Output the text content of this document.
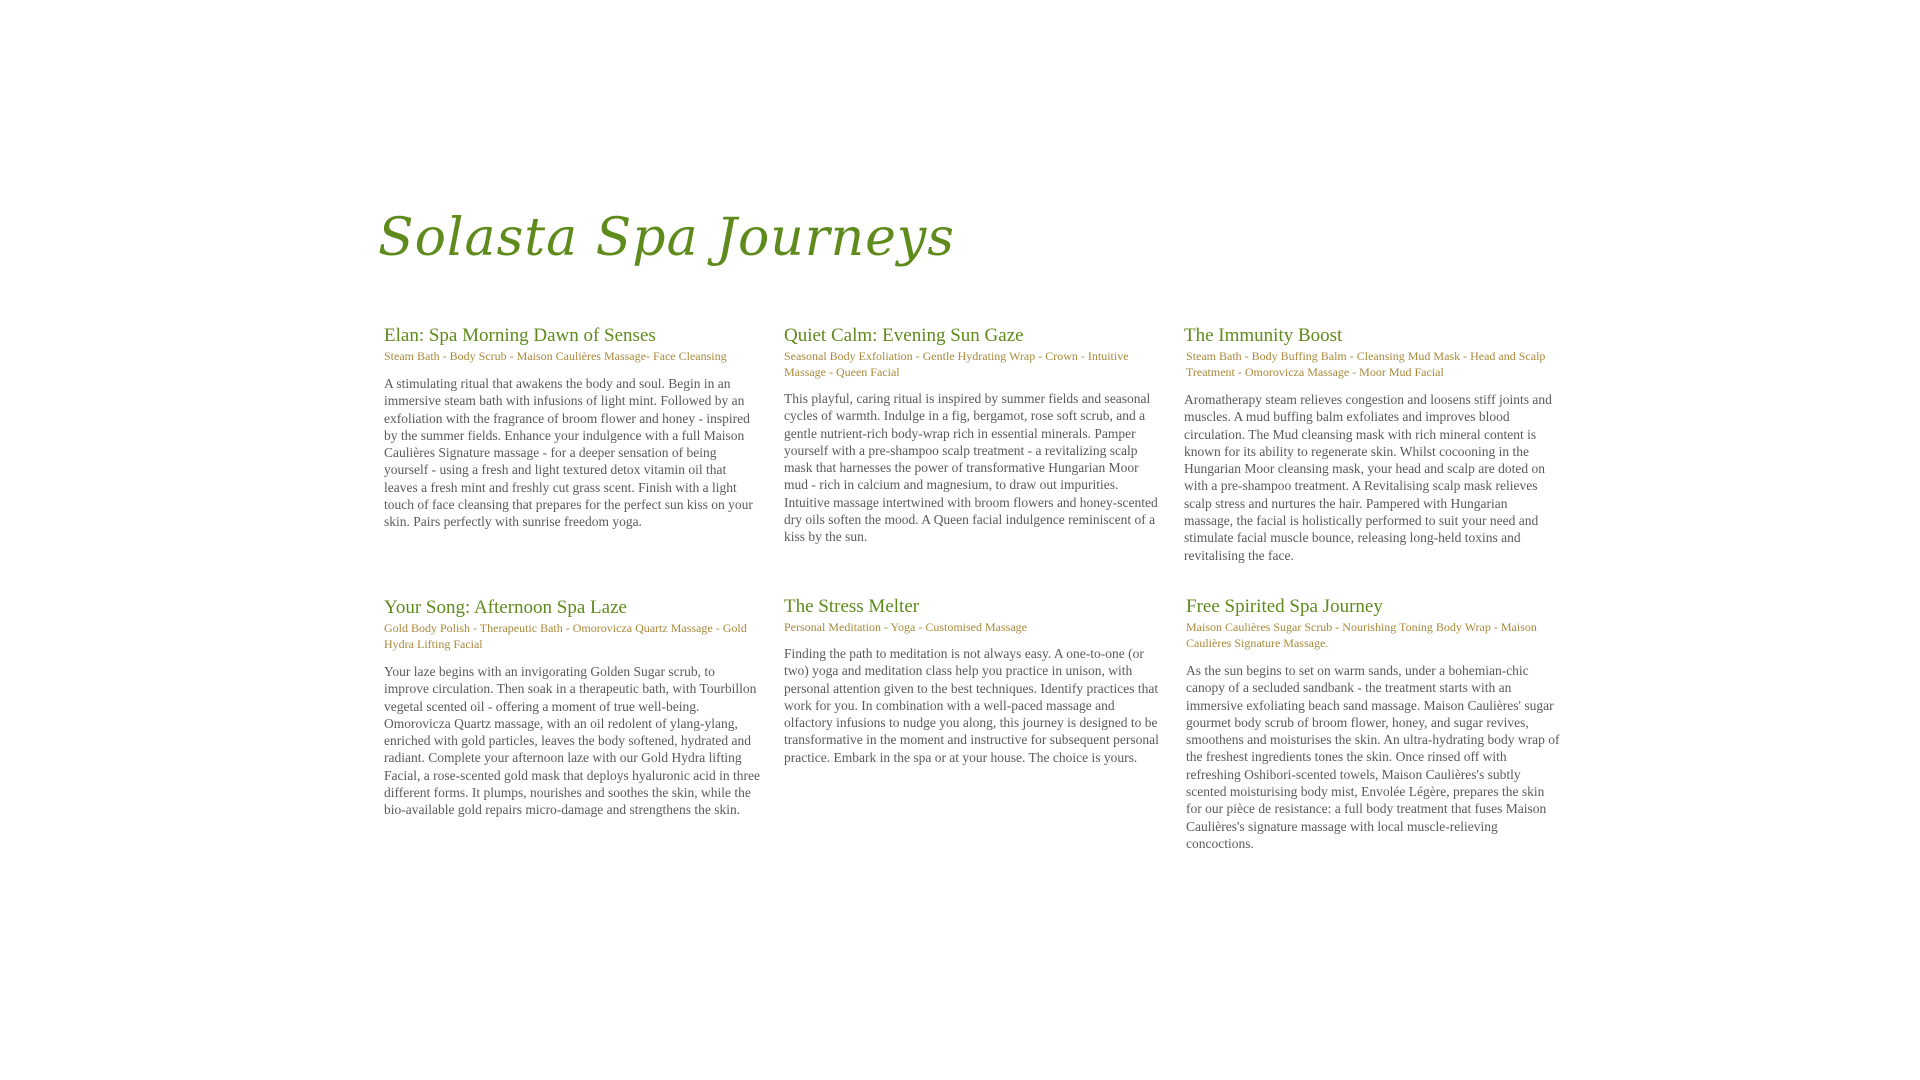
Solasta Spa Journeys
Elan: Spa Morning Dawn of Senses

Steam Bath - Body Scrub - Maison Caulières Massage- Face Cleansing

A stimulating ritual that awakens the body and soul. Begin in an immersive steam bath with infusions of light mint. Followed by an exfoliation with the fragrance of broom flower and honey - inspired by the summer fields. Enhance your indulgence with a full Maison Caulières Signature massage - for a deeper sensation of being yourself - using a fresh and light textured detox vitamin oil that leaves a fresh mint and freshly cut grass scent. Finish with a light touch of face cleansing that prepares for the perfect sun kiss on your skin. Pairs perfectly with sunrise freedom yoga.

Quiet Calm: Evening Sun Gaze

Seasonal Body Exfoliation - Gentle Hydrating Wrap - Crown - Intuitive Massage - Queen Facial

This playful, caring ritual is inspired by summer fields and seasonal cycles of warmth. Indulge in a fig, bergamot, rose soft scrub, and a gentle nutrient-rich body-wrap rich in essential minerals. Pamper yourself with a pre-shampoo scalp treatment - a revitalizing scalp mask that harnesses the power of transformative Hungarian Moor mud - rich in calcium and magnesium, to draw out impurities. Intuitive massage intertwined with broom flowers and honey-scented dry oils soften the mood. A Queen facial indulgence reminiscent of a kiss by the sun.

The Immunity Boost

Steam Bath - Body Buffing Balm - Cleansing Mud Mask - Head and Scalp Treatment - Omorovicza Massage - Moor Mud Facial

Aromatherapy steam relieves congestion and loosens stiff joints and muscles. A mud buffing balm exfoliates and improves blood circulation. The Mud cleansing mask with rich mineral content is known for its ability to regenerate skin. Whilst cocooning in the Hungarian Moor cleansing mask, your head and scalp are doted on with a pre-shampoo treatment. A Revitalising scalp mask relieves scalp stress and nurtures the hair. Pampered with Hungarian massage, the facial is holistically performed to suit your need and stimulate facial muscle bounce, releasing long-held toxins and revitalising the face.

Your Song: Afternoon Spa Laze

Gold Body Polish - Therapeutic Bath - Omorovicza Quartz Massage - Gold Hydra Lifting Facial

Your laze begins with an invigorating Golden Sugar scrub, to improve circulation. Then soak in a therapeutic bath, with Tourbillon vegetal scented oil - offering a moment of true well-being. Omorovicza Quartz massage, with an oil redolent of ylang-ylang, enriched with gold particles, leaves the body softened, hydrated and radiant. Complete your afternoon laze with our Gold Hydra lifting Facial, a rose-scented gold mask that deploys hyaluronic acid in three different forms. It plumps, nourishes and soothes the skin, while the bio-available gold repairs micro-damage and strengthens the skin.

The Stress Melter

Personal Meditation - Yoga - Customised Massage

Finding the path to meditation is not always easy. A one-to-one (or two) yoga and meditation class help you practice in unison, with personal attention given to the best techniques. Identify practices that work for you. In combination with a well-paced massage and olfactory infusions to nudge you along, this journey is designed to be transformative in the moment and instructive for subsequent personal practice. Embark in the spa or at your house. The choice is yours.

Free Spirited Spa Journey

Maison Caulières Sugar Scrub - Nourishing Toning Body Wrap - Maison Caulières Signature Massage.

As the sun begins to set on warm sands, under a bohemian-chic canopy of a secluded sandbank - the treatment starts with an immersive exfoliating beach sand massage. Maison Caulières' sugar gourmet body scrub of broom flower, honey, and sugar revives, smoothens and moisturises the skin. An ultra-hydrating body wrap of the freshest ingredients tones the skin. Once rinsed off with refreshing Oshibori-scented towels, Maison Caulières's subtly scented moisturising body mist, Envolée Légère, prepares the skin for our pièce de resistance: a full body treatment that fuses Maison Caulières's signature massage with local muscle-relieving concoctions.
